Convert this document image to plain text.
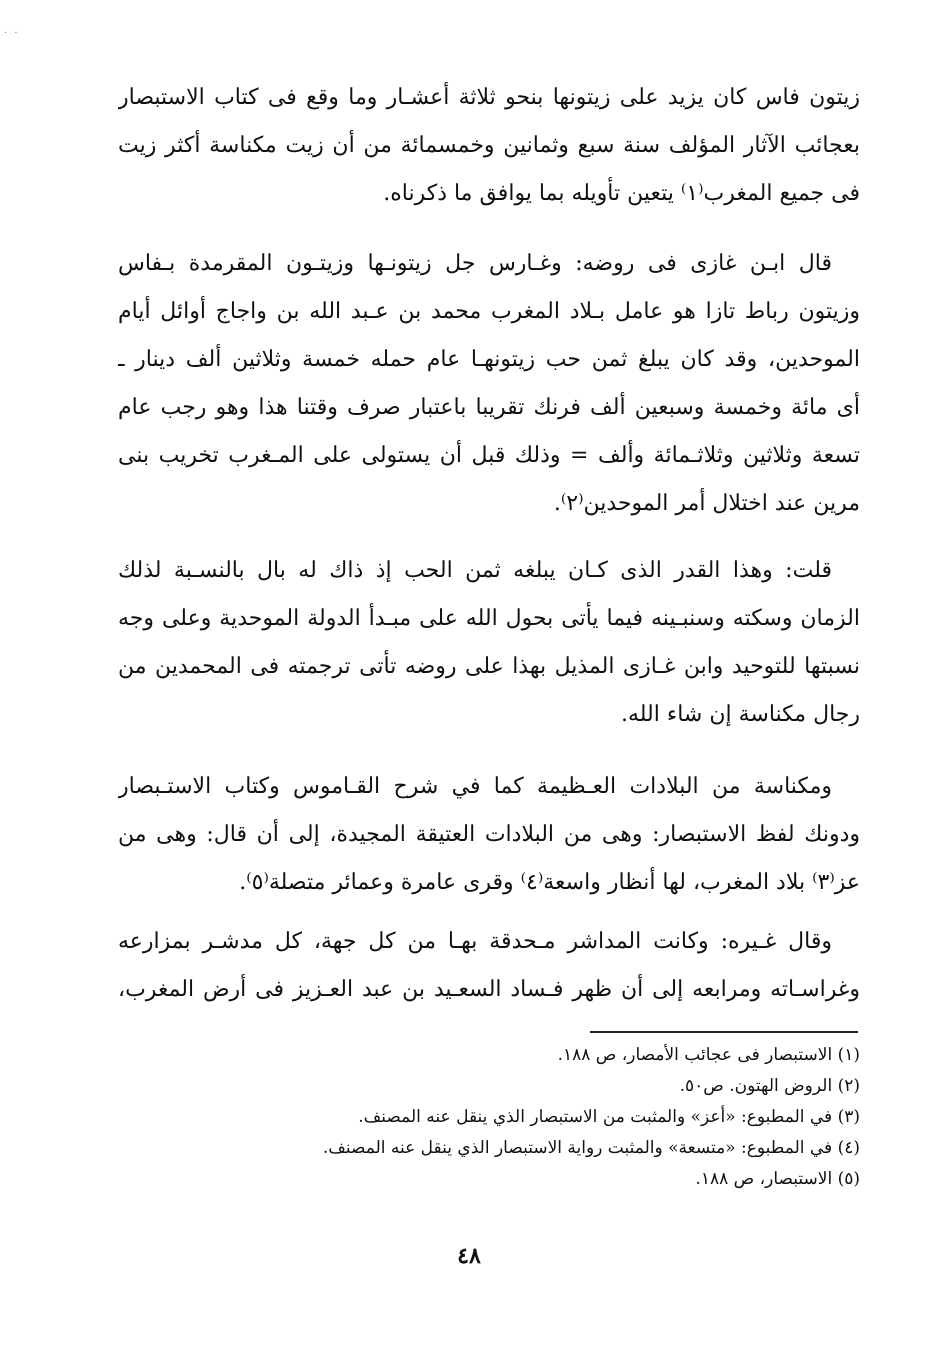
· ·
زيتون فاس كان يزيد على زيتونها بنحو ثلاثة أعشـار وما وقع فى كتاب الاستبصار
بعجائب الآثار المؤلف سنة سبع وثمانين وخمسمائة من أن زيت مكناسة أكثر زيت
فى جميع المغرب⁽١⁾ يتعين تأويله بما يوافق ما ذكرناه.
قال ابـن غازى فى روضه: وغـارس جل زيتونـها وزيتـون المقرمدة بـفاس
وزيتون رباط تازا هو عامل بـلاد المغرب محمد بن عـبد الله بن واجاج أوائل أيام
الموحدين، وقد كان يبلغ ثمن حب زيتونهـا عام حمله خمسة وثلاثين ألف دينار ـ
أى مائة وخمسة وسبعين ألف فرنك تقريبا باعتبار صرف وقتنا هذا وهو رجب عام
تسعة وثلاثين وثلاثـمائة وألف = وذلك قبل أن يستولى على المـغرب تخريب بنى
مرين عند اختلال أمر الموحدين⁽٢⁾.
قلت: وهذا القدر الذى كـان يبلغه ثمن الحب إذ ذاك له بال بالنسـبة لذلك
الزمان وسكته وسنبـينه فيما يأتى بحول الله على مبـدأ الدولة الموحدية وعلى وجه
نسبتها للتوحيد وابن غـازى المذيل بهذا على روضه تأتى ترجمته فى المحمدين من
رجال مكناسة إن شاء الله.
ومكناسة من البلادات العـظيمة كما في شرح القـاموس وكتاب الاستـبصار
ودونك لفظ الاستبصار: وهى من البلادات العتيقة المجيدة، إلى أن قال: وهى من
عز⁽٣⁾ بلاد المغرب، لها أنظار واسعة⁽٤⁾ وقرى عامرة وعمائر متصلة⁽٥⁾.
وقال غـيره: وكانت المداشر مـحدقة بهـا من كل جهة، كل مدشـر بمزارعه
وغراسـاته ومرابعه إلى أن ظهر فـساد السعـيد بن عبد العـزيز فى أرض المغرب،
(١) الاستبصار فى عجائب الأمصار، ص ١٨٨.
(٢) الروض الهتون. ص٥٠.
(٣) في المطبوع: «أعز» والمثبت من الاستبصار الذي ينقل عنه المصنف.
(٤) في المطبوع: «متسعة» والمثبت رواية الاستبصار الذي ينقل عنه المصنف.
(٥) الاستبصار، ص ١٨٨.
٤٨
